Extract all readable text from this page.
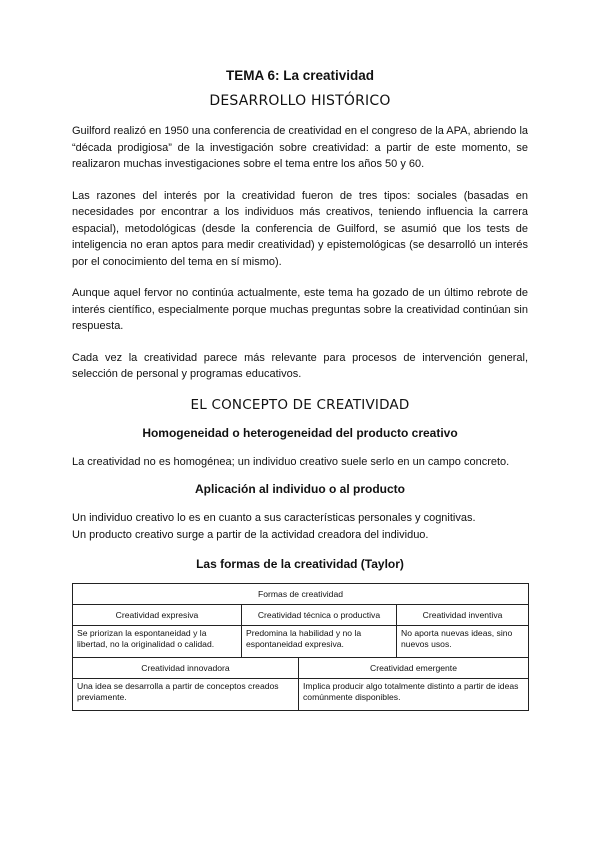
TEMA 6: La creatividad
DESARROLLO HISTÓRICO

Guilford realizó en 1950 una conferencia de creatividad en el congreso de la APA, abriendo la “década prodigiosa” de la investigación sobre creatividad: a partir de este momento, se realizaron muchas investigaciones sobre el tema entre los años 50 y 60.

Las razones del interés por la creatividad fueron de tres tipos: sociales (basadas en necesidades por encontrar a los individuos más creativos, teniendo influencia la carrera espacial), metodológicas (desde la conferencia de Guilford, se asumió que los tests de inteligencia no eran aptos para medir creatividad) y epistemológicas (se desarrolló un interés por el conocimiento del tema en sí mismo).

Aunque aquel fervor no continúa actualmente, este tema ha gozado de un último rebrote de interés científico, especialmente porque muchas preguntas sobre la creatividad continúan sin respuesta.

Cada vez la creatividad parece más relevante para procesos de intervención general, selección de personal y programas educativos.

EL CONCEPTO DE CREATIVIDAD
Homogeneidad o heterogeneidad del producto creativo

La creatividad no es homogénea; un individuo creativo suele serlo en un campo concreto.

Aplicación al individuo o al producto

Un individuo creativo lo es en cuanto a sus características personales y cognitivas.

Un producto creativo surge a partir de la actividad creadora del individuo.

Las formas de la creatividad (Taylor)
Formas de creatividad			
Creatividad expresiva	Creatividad técnica o productiva		Creatividad inventiva
Se priorizan la espontaneidad y la libertad, no la originalidad o calidad.	Predomina la habilidad y no la espontaneidad expresiva.		No aporta nuevas ideas, sino nuevos usos.
Creatividad innovadora		Creatividad emergente	
Una idea se desarrolla a partir de conceptos creados previamente.		Implica producir algo totalmente distinto a partir de ideas comúnmente disponibles.	
